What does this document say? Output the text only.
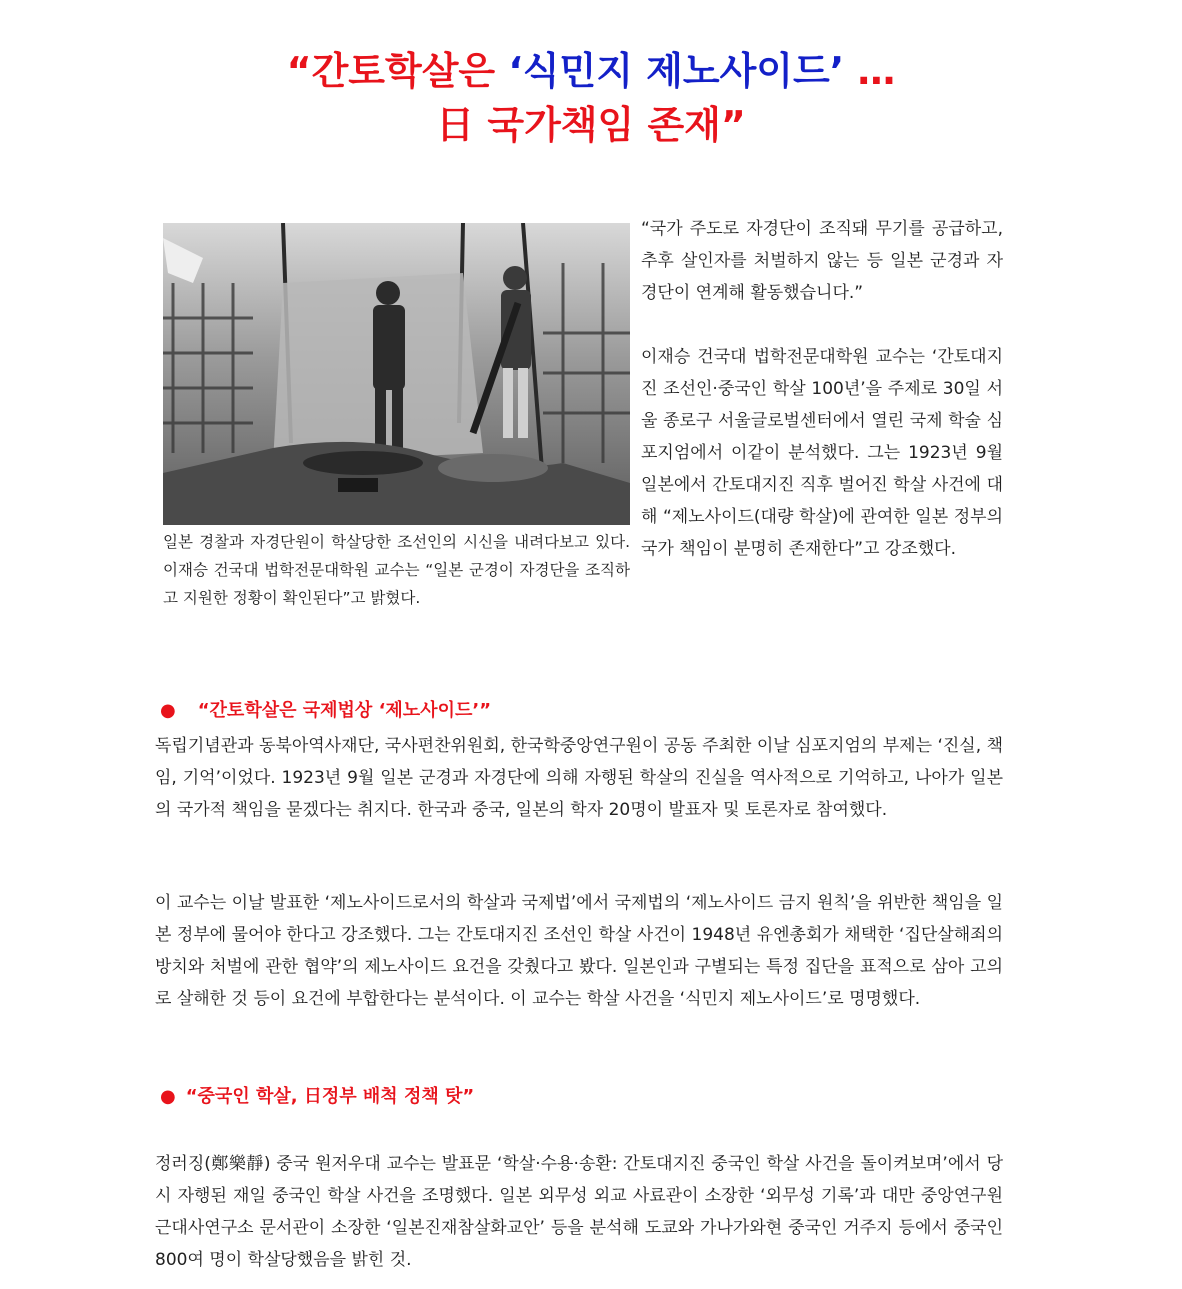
“간토학살은 ‘식민지 제노사이드’ …
日 국가책임 존재”
일본 경찰과 자경단원이 학살당한 조선인의 시신을 내려다보고 있다. 이재승 건국대 법학전문대학원 교수는 “일본 군경이 자경단을 조직하고 지원한 정황이 확인된다”고 밝혔다.

“국가 주도로 자경단이 조직돼 무기를 공급하고, 추후 살인자를 처벌하지 않는 등 일본 군경과 자경단이 연계해 활동했습니다.”

이재승 건국대 법학전문대학원 교수는 ‘간토대지진 조선인·중국인 학살 100년’을 주제로 30일 서울 종로구 서울글로벌센터에서 열린 국제 학술 심포지엄에서 이같이 분석했다. 그는 1923년 9월 일본에서 간토대지진 직후 벌어진 학살 사건에 대해 “제노사이드(대량 학살)에 관여한 일본 정부의 국가 책임이 분명히 존재한다”고 강조했다.

● “간토학살은 국제법상 ‘제노사이드’”

독립기념관과 동북아역사재단, 국사편찬위원회, 한국학중앙연구원이 공동 주최한 이날 심포지엄의 부제는 ‘진실, 책임, 기억’이었다. 1923년 9월 일본 군경과 자경단에 의해 자행된 학살의 진실을 역사적으로 기억하고, 나아가 일본의 국가적 책임을 묻겠다는 취지다. 한국과 중국, 일본의 학자 20명이 발표자 및 토론자로 참여했다.

이 교수는 이날 발표한 ‘제노사이드로서의 학살과 국제법’에서 국제법의 ‘제노사이드 금지 원칙’을 위반한 책임을 일본 정부에 물어야 한다고 강조했다. 그는 간토대지진 조선인 학살 사건이 1948년 유엔총회가 채택한 ‘집단살해죄의 방치와 처벌에 관한 협약’의 제노사이드 요건을 갖췄다고 봤다. 일본인과 구별되는 특정 집단을 표적으로 삼아 고의로 살해한 것 등이 요건에 부합한다는 분석이다. 이 교수는 학살 사건을 ‘식민지 제노사이드’로 명명했다.

● “중국인 학살, 日정부 배척 정책 탓”

정러징(鄭樂靜) 중국 원저우대 교수는 발표문 ‘학살·수용·송환: 간토대지진 중국인 학살 사건을 돌이켜보며’에서 당시 자행된 재일 중국인 학살 사건을 조명했다. 일본 외무성 외교 사료관이 소장한 ‘외무성 기록’과 대만 중앙연구원 근대사연구소 문서관이 소장한 ‘일본진재참살화교안’ 등을 분석해 도쿄와 가나가와현 중국인 거주지 등에서 중국인 800여 명이 학살당했음을 밝힌 것.
